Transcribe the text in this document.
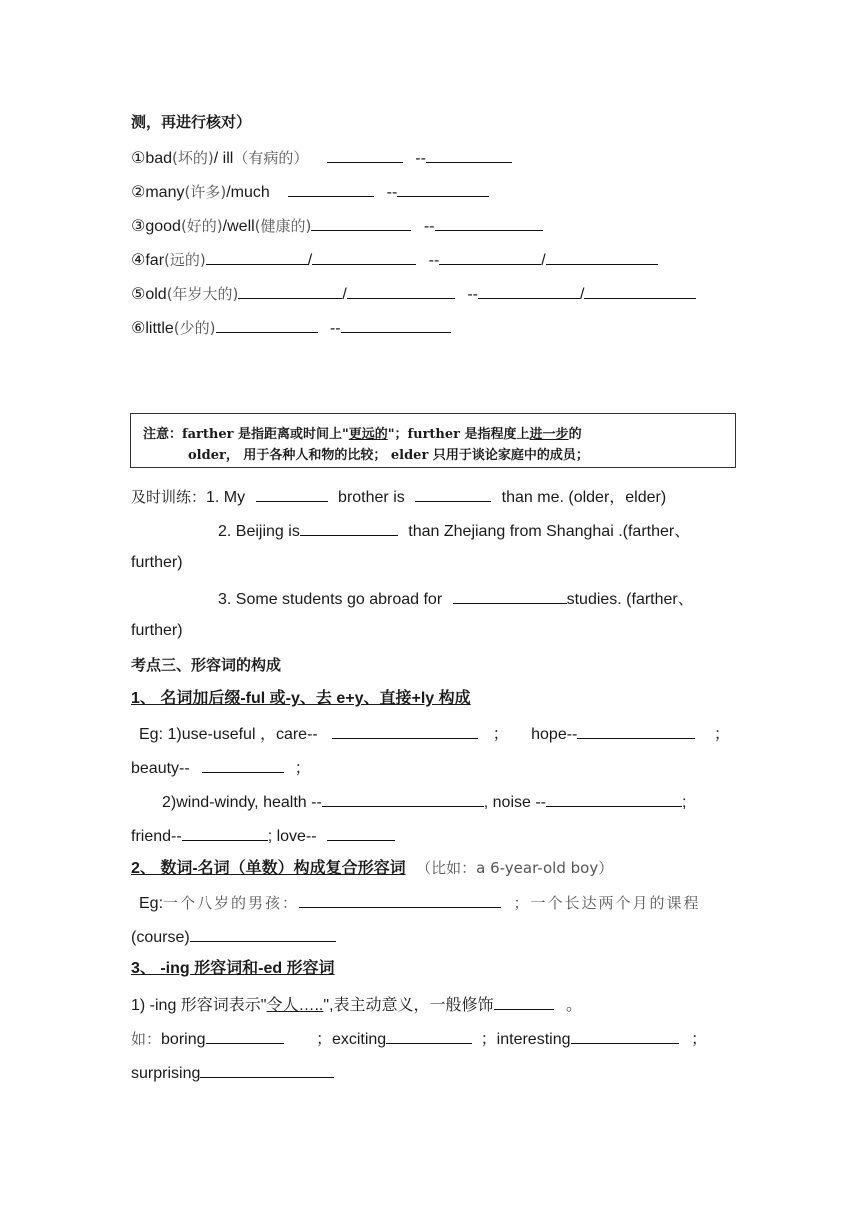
测，再进行核对）
①bad(坏的)/ ill（有病的）	--
②many(许多)/much	--
③good(好的)/well(健康的)	--
④far(远的)	/	--	/
⑤old(年岁大的)	/	--	/
⑥little(少的)	--
注意：farther 是指距离或时间上"更远的"；further 是指程度上进一步的
older， 用于各种人和物的比较； elder 只用于谈论家庭中的成员；
及时训练：1. My	brother is	than me. (older，elder)
2. Beijing is	than Zhejiang from Shanghai .(farther、
further)
3. Some students go abroad for	studies. (farther、
further)
考点三、形容词的构成
1、 名词加后缀-ful 或-y、去 e+y、直接+ly 构成
Eg: 1)use-useful ，care--	； hope--	；
beauty--	；
2)wind-windy, health --	, noise --	;
friend--	; love--
2、 数词-名词（单数）构成复合形容词 （比如：a 6-year-old boy）
Eg:一个八岁的男孩：	；一个长达两个月的课程
(course)
3、 -ing 形容词和-ed 形容词
1) -ing 形容词表示"令人…..",表主动意义，一般修饰	。
如：boring	；exciting	；interesting	；
surprising
